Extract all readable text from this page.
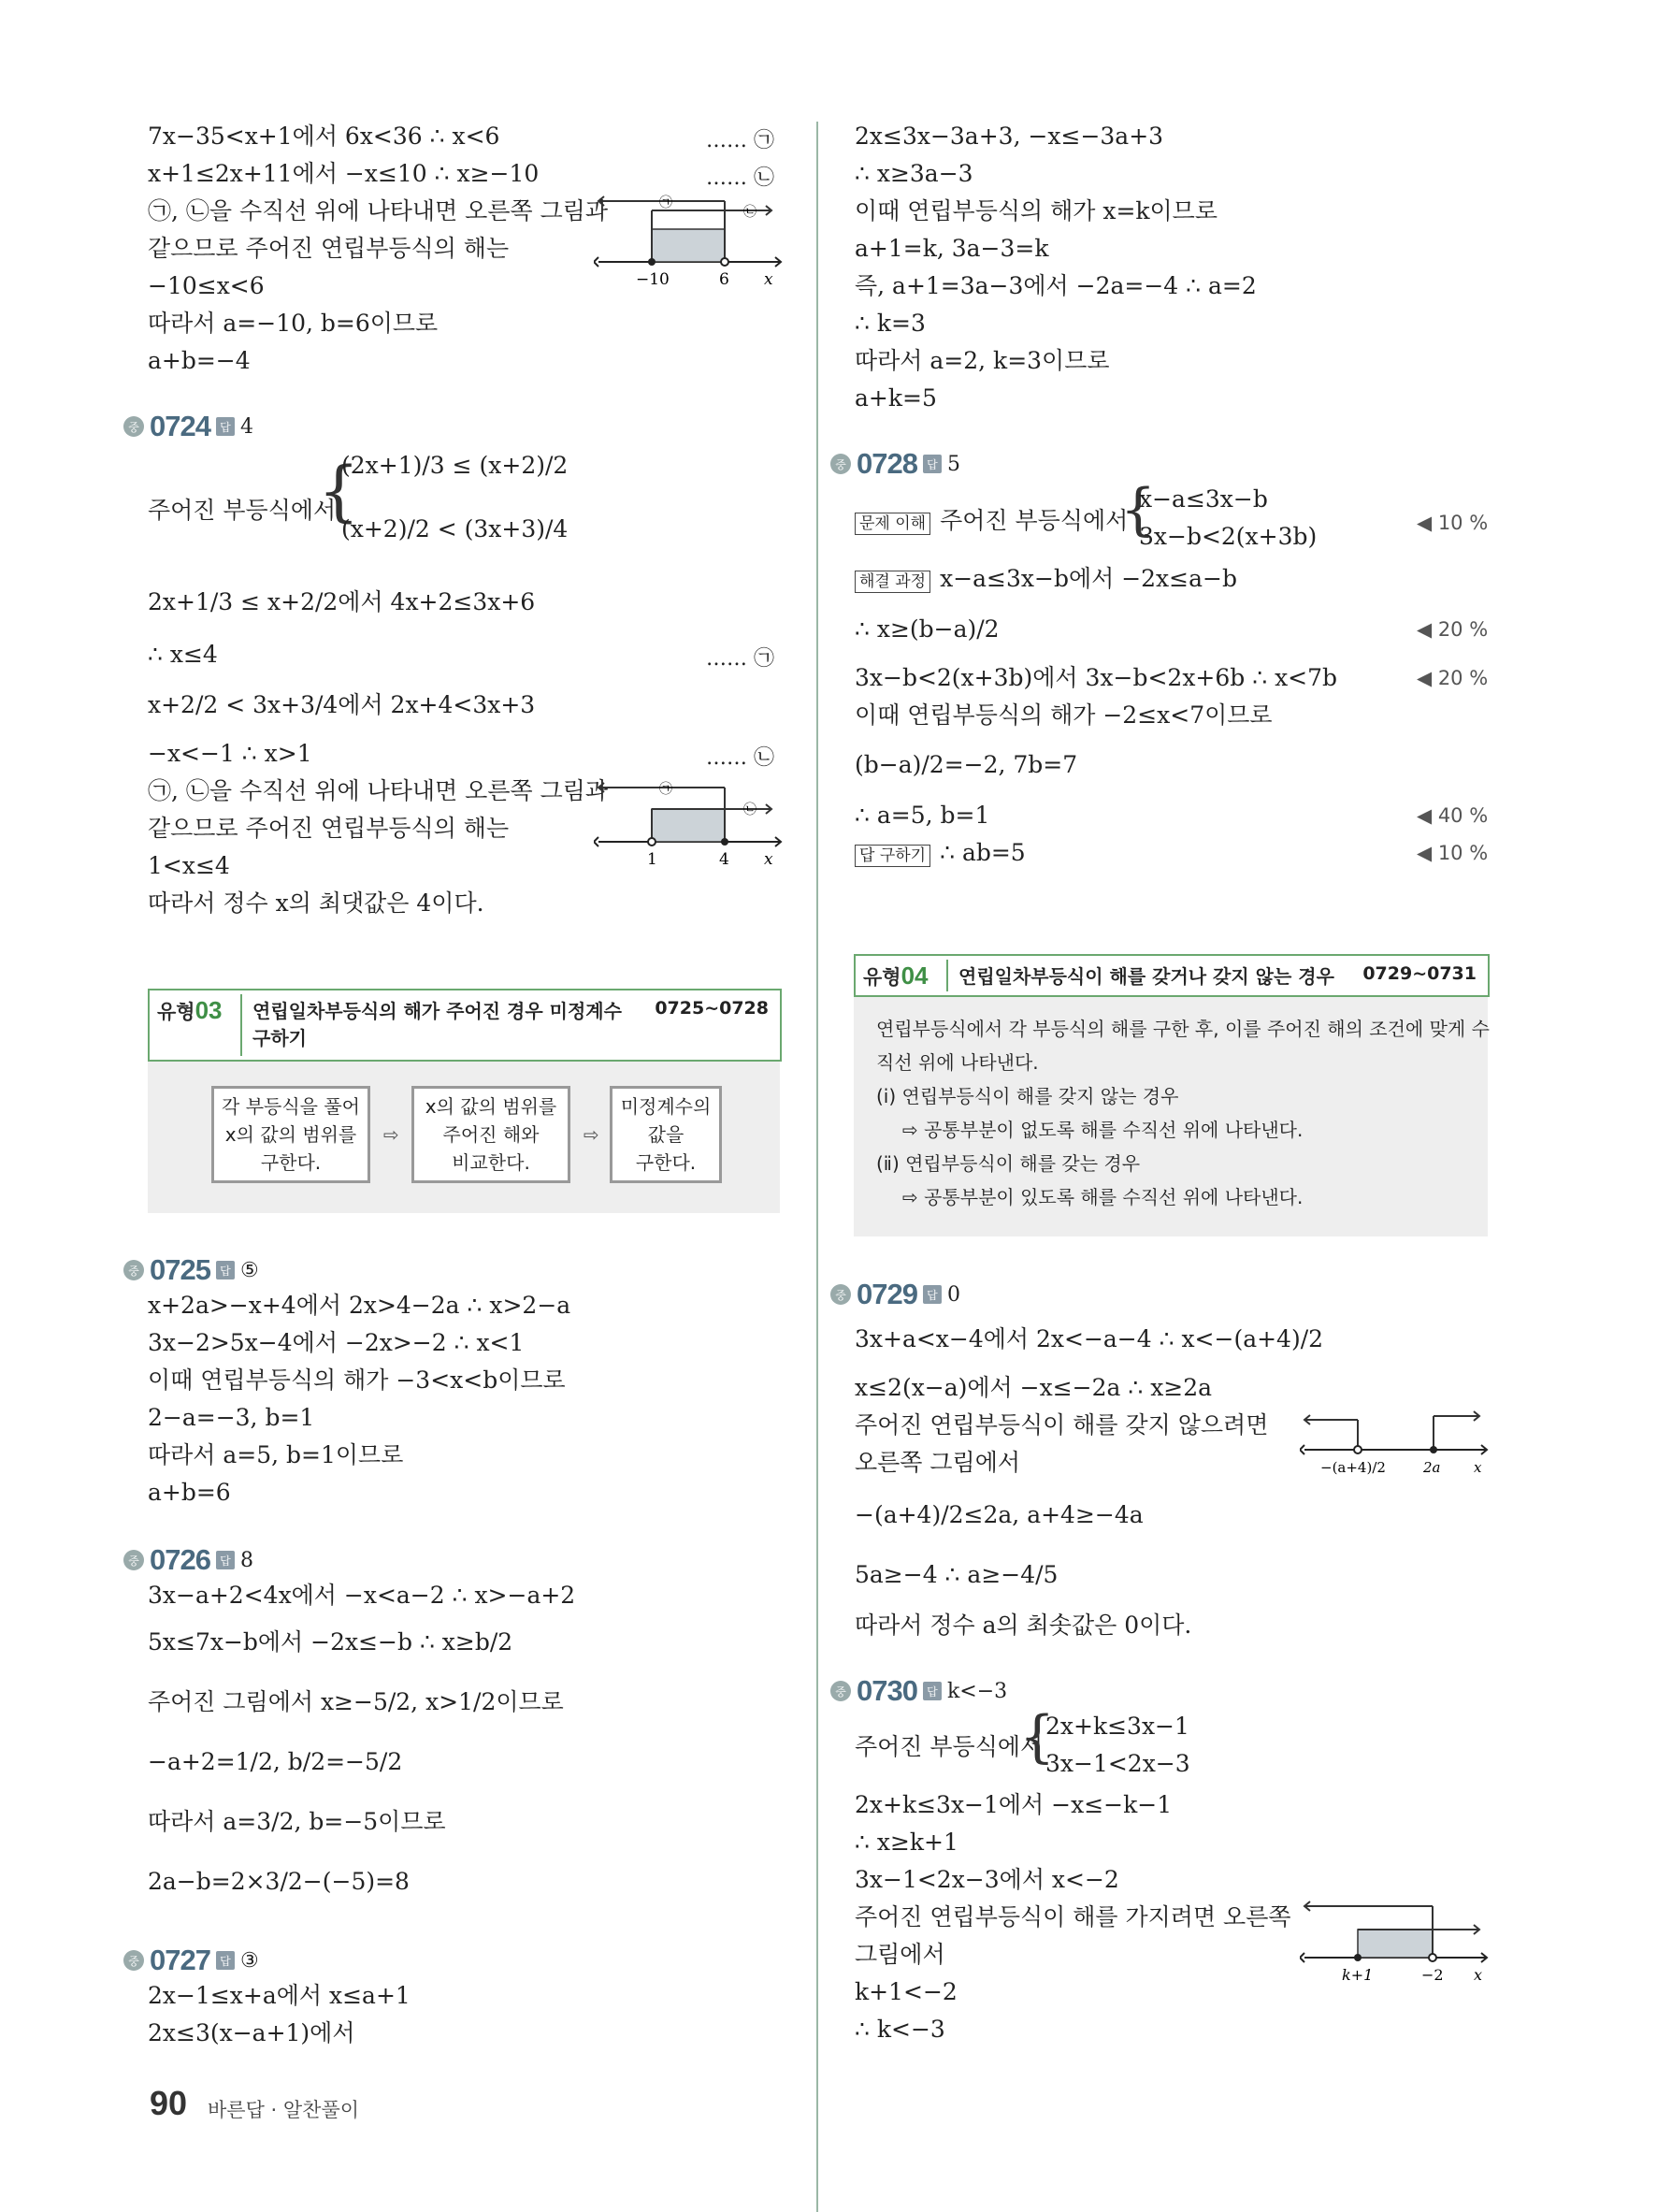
7x−35<x+1에서 6x<36 ∴ x<6	…… ㉠
x+1≤2x+11에서 −x≤10 ∴ x≥−10	…… ㉡
㉠, ㉡을 수직선 위에 나타내면 오른쪽 그림과
같으므로 주어진 연립부등식의 해는
−10≤x<6
따라서 a=−10, b=6이므로
a+b=−4
−10	6 x
㉠
㉡
중 0724 답 4
주어진 부등식에서
{
(2x+1)/3 ≤ (x+2)/2
(x+2)/2 < (3x+3)/4
2x+1/3 ≤ x+2/2에서 4x+2≤3x+6
∴ x≤4	…… ㉠
x+2/2 < 3x+3/4에서 2x+4<3x+3
−x<−1 ∴ x>1	…… ㉡
㉠, ㉡을 수직선 위에 나타내면 오른쪽 그림과
같으므로 주어진 연립부등식의 해는
1<x≤4
따라서 정수 x의 최댓값은 4이다.
1	4 x
㉠
㉡
유형03 연립일차부등식의 해가 주어진 경우 미정계수
구하기
0725~0728
각 부등식을 풀어
x의 값의 범위를
구한다.
⇨
x의 값의 범위를
주어진 해와
비교한다.
⇨
미정계수의
값을
구한다.
중 0725 답 ⑤
x+2a>−x+4에서 2x>4−2a ∴ x>2−a
3x−2>5x−4에서 −2x>−2 ∴ x<1
이때 연립부등식의 해가 −3<x<b이므로
2−a=−3, b=1
따라서 a=5, b=1이므로
a+b=6
중 0726 답 8
3x−a+2<4x에서 −x<a−2 ∴ x>−a+2
5x≤7x−b에서 −2x≤−b ∴ x≥b/2
주어진 그림에서 x≥−5/2, x>1/2이므로
−a+2=1/2, b/2=−5/2
따라서 a=3/2, b=−5이므로
2a−b=2×3/2−(−5)=8
중 0727 답 ③
2x−1≤x+a에서 x≤a+1
2x≤3(x−a+1)에서
2x≤3x−3a+3, −x≤−3a+3
∴ x≥3a−3
이때 연립부등식의 해가 x=k이므로
a+1=k, 3a−3=k
즉, a+1=3a−3에서 −2a=−4 ∴ a=2
∴ k=3
따라서 a=2, k=3이므로
a+k=5
중 0728 답 5
문제 이해 주어진 부등식에서
{
x−a≤3x−b
3x−b<2(x+3b)	◀ 10 %
해결 과정 x−a≤3x−b에서 −2x≤a−b
∴ x≥(b−a)/2	◀ 20 %
3x−b<2(x+3b)에서 3x−b<2x+6b ∴ x<7b	◀ 20 %
이때 연립부등식의 해가 −2≤x<7이므로
(b−a)/2=−2, 7b=7
∴ a=5, b=1	◀ 40 %
답 구하기 ∴ ab=5	◀ 10 %
유형04 연립일차부등식이 해를 갖거나 갖지 않는 경우 0729~0731
연립부등식에서 각 부등식의 해를 구한 후, 이를 주어진 해의 조건에 맞게 수
직선 위에 나타낸다.
(ⅰ) 연립부등식이 해를 갖지 않는 경우
⇨ 공통부분이 없도록 해를 수직선 위에 나타낸다.
(ⅱ) 연립부등식이 해를 갖는 경우
⇨ 공통부분이 있도록 해를 수직선 위에 나타낸다.
중 0729 답 0
3x+a<x−4에서 2x<−a−4 ∴ x<−(a+4)/2
x≤2(x−a)에서 −x≤−2a ∴ x≥2a
주어진 연립부등식이 해를 갖지 않으려면
오른쪽 그림에서
−(a+4)/2≤2a, a+4≥−4a
5a≥−4 ∴ a≥−4/5
따라서 정수 a의 최솟값은 0이다.
−(a+4)/2	2a x
중 0730 답 k<−3
주어진 부등식에서
{
2x+k≤3x−1
3x−1<2x−3
2x+k≤3x−1에서 −x≤−k−1
∴ x≥k+1
3x−1<2x−3에서 x<−2
주어진 연립부등식이 해를 가지려면 오른쪽
그림에서
k+1<−2
∴ k<−3
k+1	−2 x
90 바른답 · 알찬풀이
